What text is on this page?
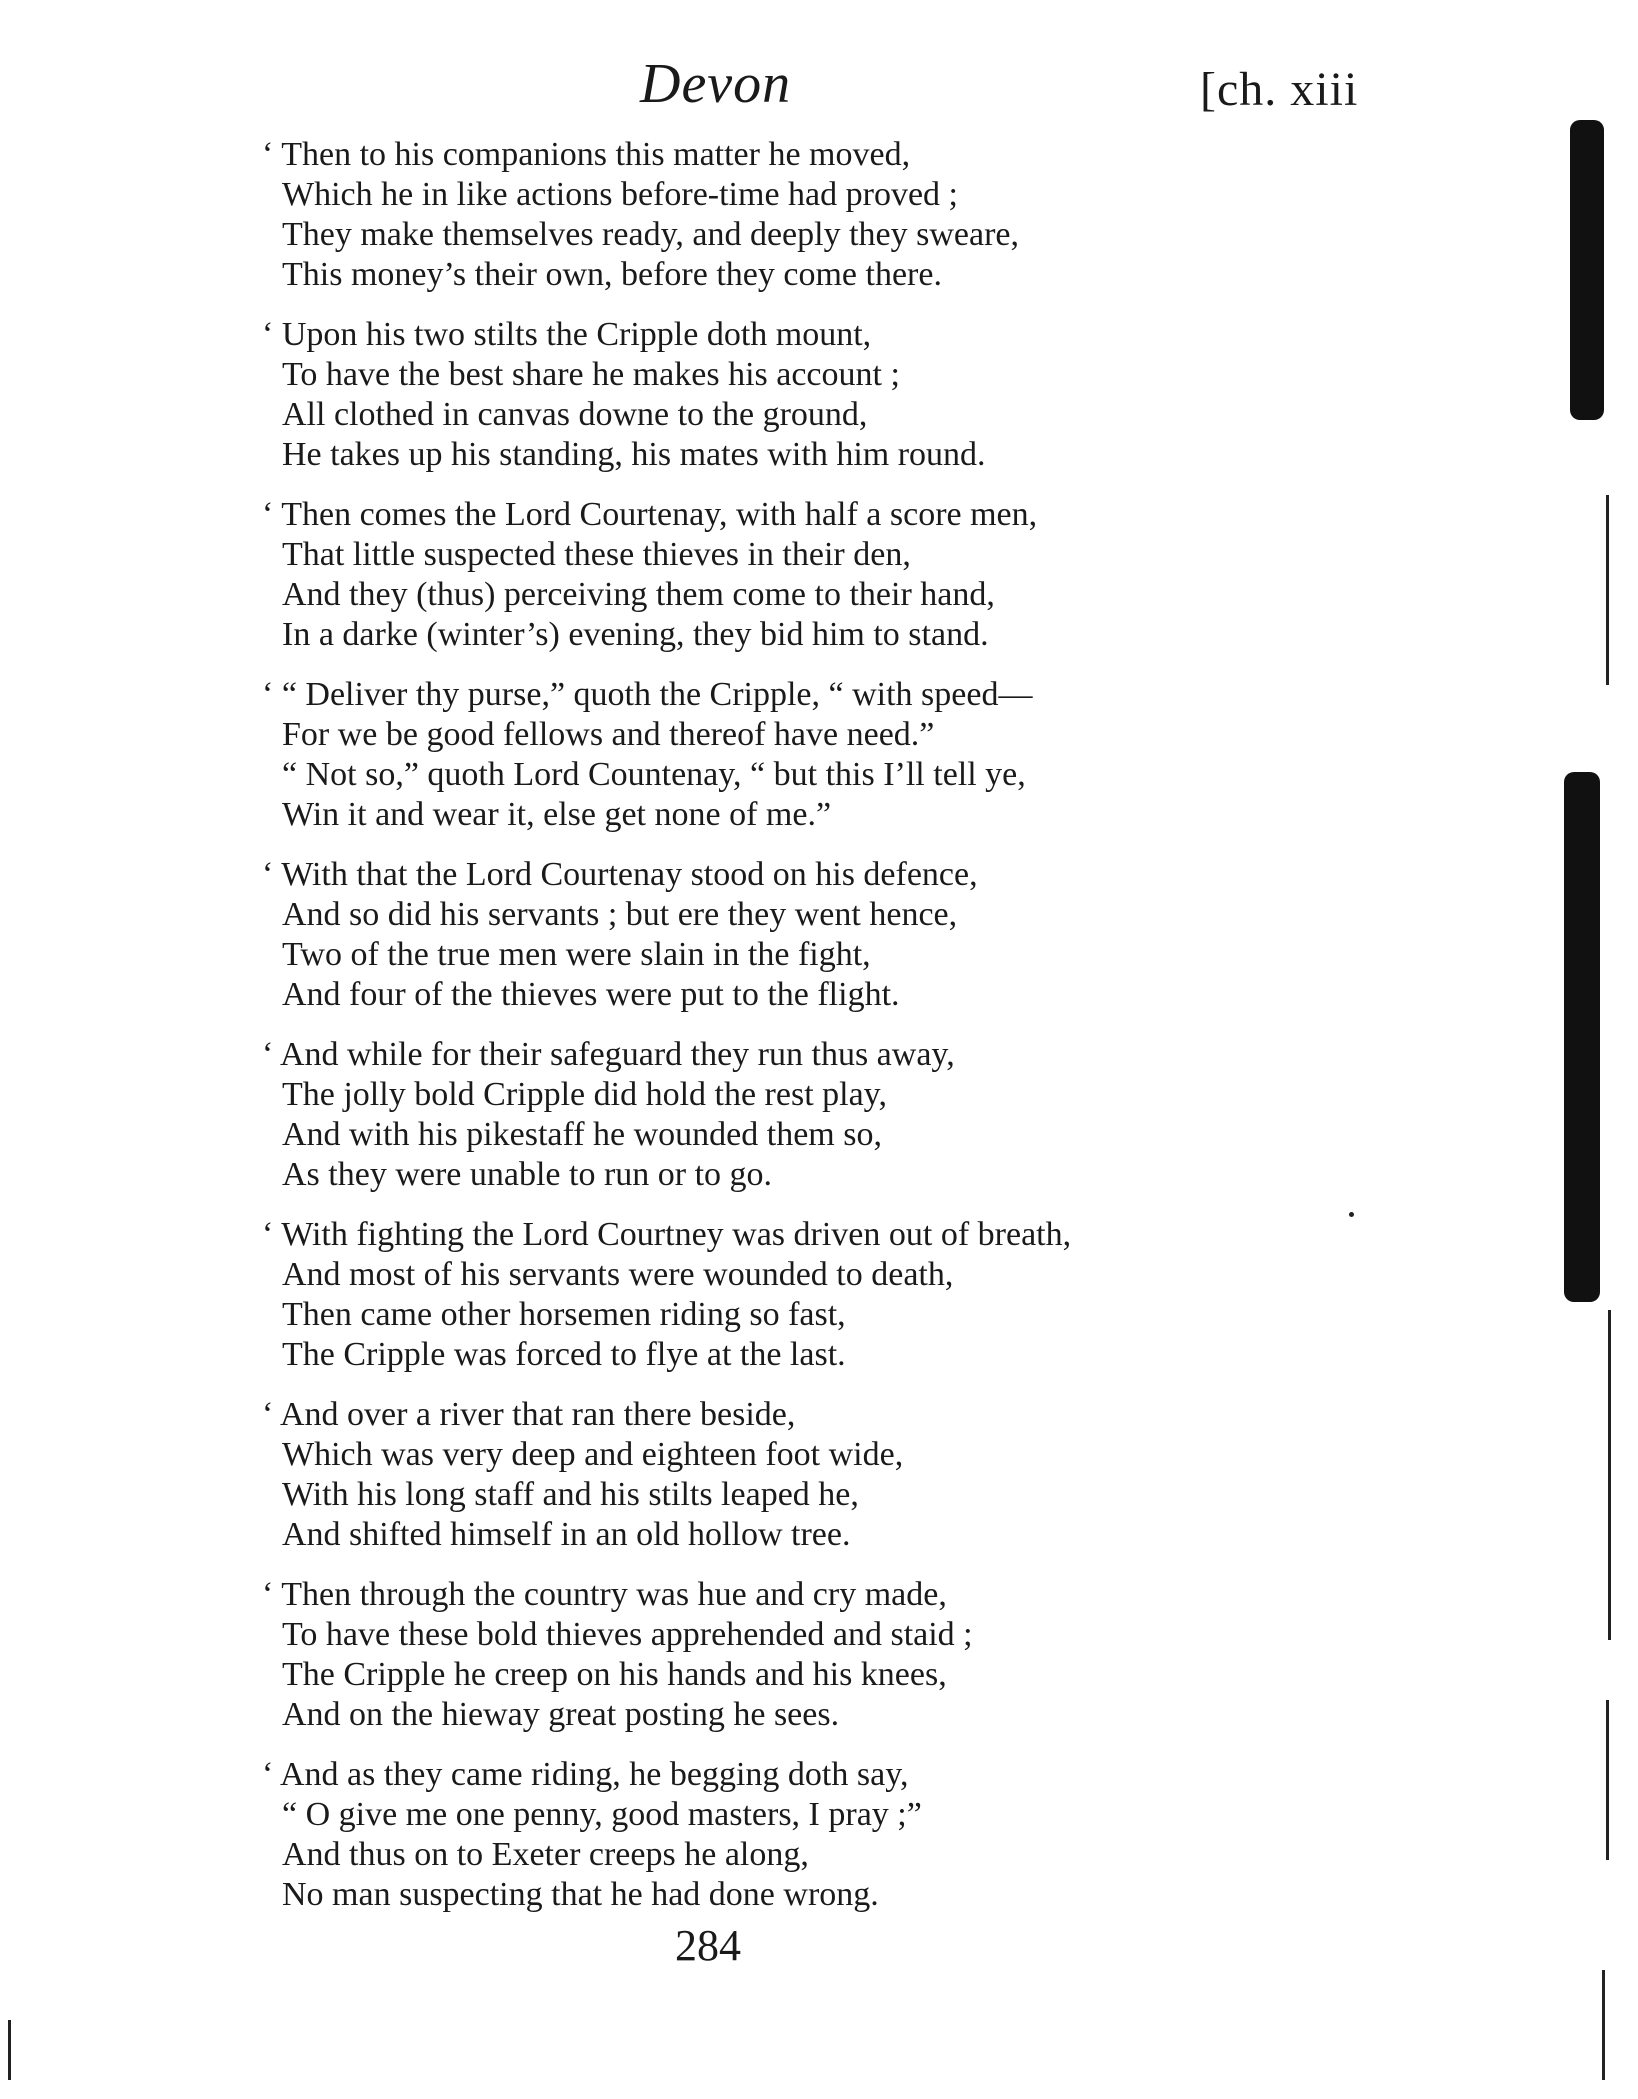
Devon	[ch. xiii
‘ Then to his companions this matter he moved,
Which he in like actions before-time had proved ;
They make themselves ready, and deeply they sweare,
This money’s their own, before they come there.
‘ Upon his two stilts the Cripple doth mount,
To have the best share he makes his account ;
All clothed in canvas downe to the ground,
He takes up his standing, his mates with him round.
‘ Then comes the Lord Courtenay, with half a score men,
That little suspected these thieves in their den,
And they (thus) perceiving them come to their hand,
In a darke (winter’s) evening, they bid him to stand.
‘ “ Deliver thy purse,” quoth the Cripple, “ with speed—
For we be good fellows and thereof have need.”
“ Not so,” quoth Lord Countenay, “ but this I’ll tell ye,
Win it and wear it, else get none of me.”
‘ With that the Lord Courtenay stood on his defence,
And so did his servants ; but ere they went hence,
Two of the true men were slain in the fight,
And four of the thieves were put to the flight.
‘ And while for their safeguard they run thus away,
The jolly bold Cripple did hold the rest play,
And with his pikestaff he wounded them so,
As they were unable to run or to go.
‘ With fighting the Lord Courtney was driven out of breath,
And most of his servants were wounded to death,
Then came other horsemen riding so fast,
The Cripple was forced to flye at the last.
‘ And over a river that ran there beside,
Which was very deep and eighteen foot wide,
With his long staff and his stilts leaped he,
And shifted himself in an old hollow tree.
‘ Then through the country was hue and cry made,
To have these bold thieves apprehended and staid ;
The Cripple he creep on his hands and his knees,
And on the hieway great posting he sees.
‘ And as they came riding, he begging doth say,
“ O give me one penny, good masters, I pray ;”
And thus on to Exeter creeps he along,
No man suspecting that he had done wrong.
284
